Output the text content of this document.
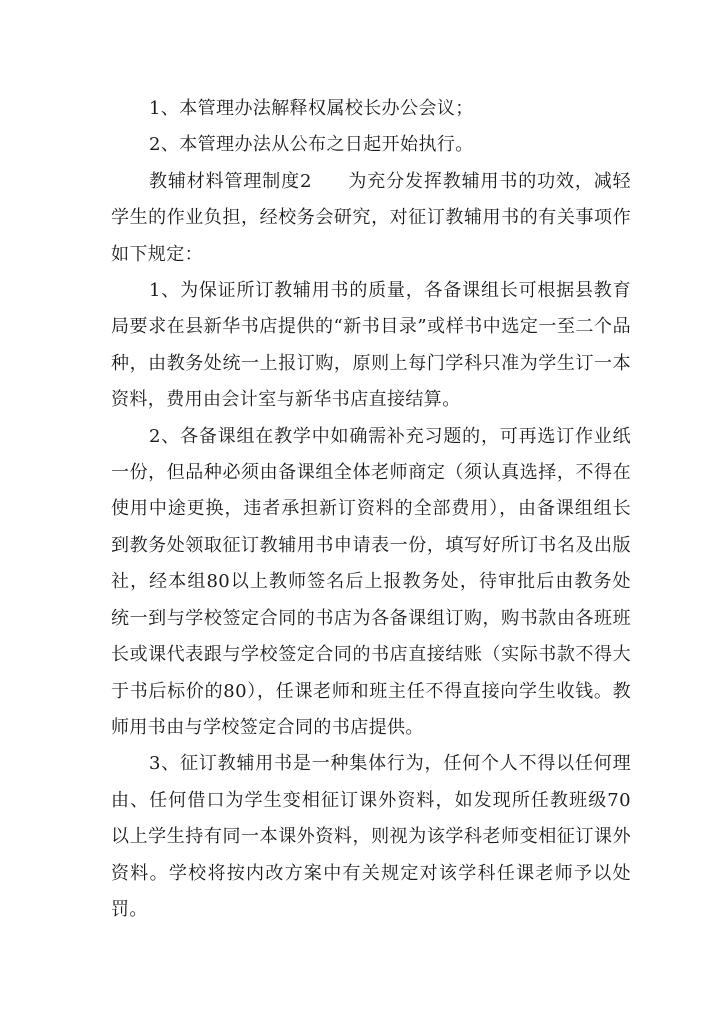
1、本管理办法解释权属校长办公会议；

2、本管理办法从公布之日起开始执行。

教辅材料管理制度2 为充分发挥教辅用书的功效，减轻学生的作业负担，经校务会研究，对征订教辅用书的有关事项作如下规定：

1、为保证所订教辅用书的质量，各备课组长可根据县教育局要求在县新华书店提供的“新书目录”或样书中选定一至二个品种，由教务处统一上报订购，原则上每门学科只准为学生订一本资料，费用由会计室与新华书店直接结算。

2、各备课组在教学中如确需补充习题的，可再选订作业纸一份，但品种必须由备课组全体老师商定（须认真选择，不得在使用中途更换，违者承担新订资料的全部费用），由备课组组长到教务处领取征订教辅用书申请表一份，填写好所订书名及出版社，经本组80以上教师签名后上报教务处，待审批后由教务处统一到与学校签定合同的书店为各备课组订购，购书款由各班班长或课代表跟与学校签定合同的书店直接结账（实际书款不得大于书后标价的80），任课老师和班主任不得直接向学生收钱。教师用书由与学校签定合同的书店提供。

3、征订教辅用书是一种集体行为，任何个人不得以任何理由、任何借口为学生变相征订课外资料，如发现所任教班级70以上学生持有同一本课外资料，则视为该学科老师变相征订课外资料。学校将按内改方案中有关规定对该学科任课老师予以处罚。
